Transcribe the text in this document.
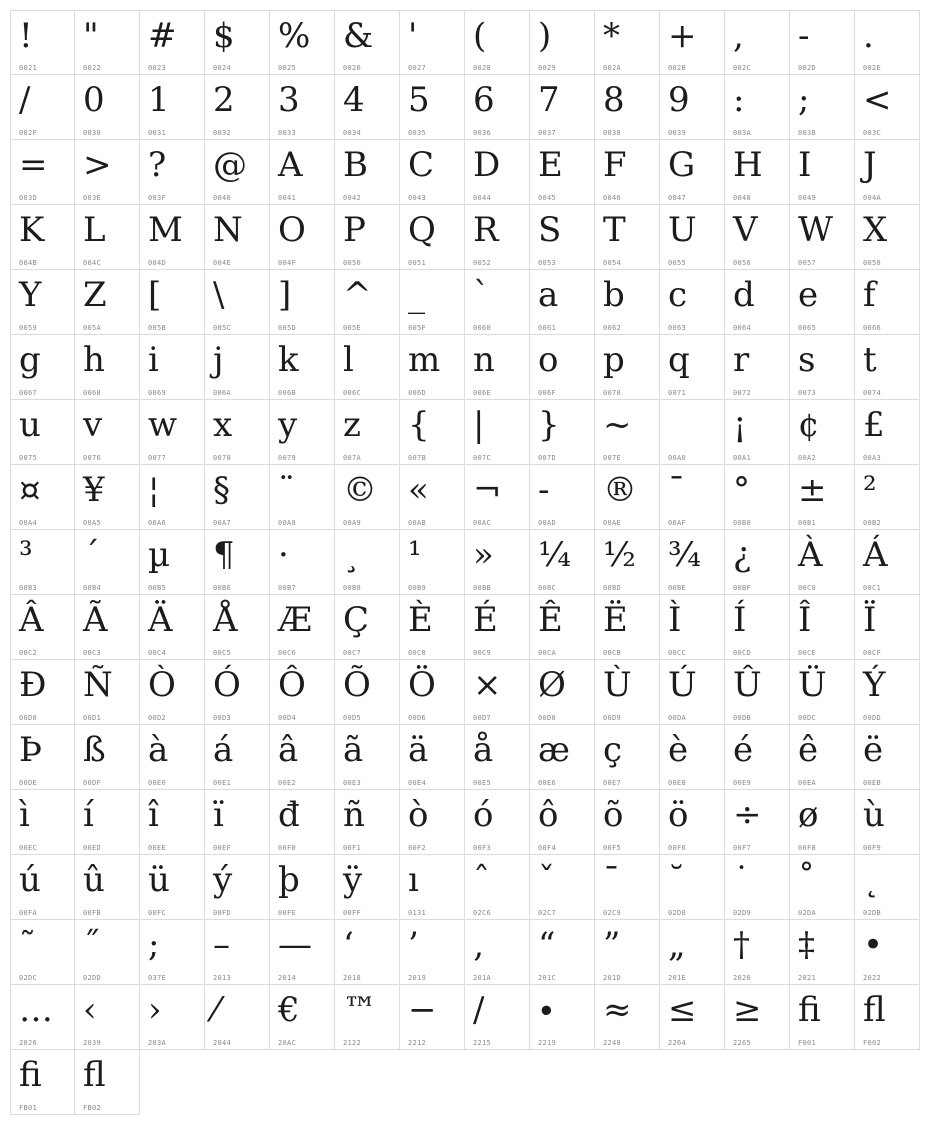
!
0021
"
0022
#
0023
$
0024
%
0025
&
0026
'
0027
(
0028
)
0029
*
002A
+
002B
,
002C
-
002D
.
002E
/
002F
0
0030
1
0031
2
0032
3
0033
4
0034
5
0035
6
0036
7
0037
8
0038
9
0039
:
003A
;
003B
<
003C
=
003D
>
003E
?
003F
@
0040
A
0041
B
0042
C
0043
D
0044
E
0045
F
0046
G
0047
H
0048
I
0049
J
004A
K
004B
L
004C
M
004D
N
004E
O
004F
P
0050
Q
0051
R
0052
S
0053
T
0054
U
0055
V
0056
W
0057
X
0058
Y
0059
Z
005A
[
005B
\
005C
]
005D
^
005E
_
005F
`
0060
a
0061
b
0062
c
0063
d
0064
e
0065
f
0066
g
0067
h
0068
i
0069
j
006A
k
006B
l
006C
m
006D
n
006E
o
006F
p
0070
q
0071
r
0072
s
0073
t
0074
u
0075
v
0076
w
0077
x
0078
y
0079
z
007A
{
007B
|
007C
}
007D
~
007E
	00A0
¡
00A1
¢
00A2
£
00A3
¤
00A4
¥
00A5
¦
00A6
§
00A7
¨
00A8
©
00A9
«
00AB
¬
00AC
-
00AD
®
00AE
¯
00AF
°
00B0
±
00B1
²
00B2
³
00B3
´
00B4
µ
00B5
¶
00B6
·
00B7
¸
00B8
¹
00B9
»
00BB
¼
00BC
½
00BD
¾
00BE
¿
00BF
À
00C0
Á
00C1
Â
00C2
Ã
00C3
Ä
00C4
Å
00C5
Æ
00C6
Ç
00C7
È
00C8
É
00C9
Ê
00CA
Ë
00CB
Ì
00CC
Í
00CD
Î
00CE
Ï
00CF
Đ
00D0
Ñ
00D1
Ò
00D2
Ó
00D3
Ô
00D4
Õ
00D5
Ö
00D6
×
00D7
Ø
00D8
Ù
00D9
Ú
00DA
Û
00DB
Ü
00DC
Ý
00DD
Þ
00DE
ß
00DF
à
00E0
á
00E1
â
00E2
ã
00E3
ä
00E4
å
00E5
æ
00E6
ç
00E7
è
00E8
é
00E9
ê
00EA
ë
00EB
ì
00EC
í
00ED
î
00EE
ï
00EF
đ
00F0
ñ
00F1
ò
00F2
ó
00F3
ô
00F4
õ
00F5
ö
00F6
÷
00F7
ø
00F8
ù
00F9
ú
00FA
û
00FB
ü
00FC
ý
00FD
þ
00FE
ÿ
00FF
ı
0131
ˆ
02C6
ˇ
02C7
ˉ
02C9
˘
02D8
˙
02D9
˚
02DA
˛
02DB
˜
02DC
˝
02DD
;
037E
–
2013
—
2014
‘
2018
’
2019
‚
201A
“
201C
”
201D
„
201E
†
2020
‡
2021
•
2022
…
2026
‹
2039
›
203A
⁄
2044
€
20AC
™
2122
−
2212
∕
2215
∙
2219
≈
2248
≤
2264
≥
2265
ﬁ
F001
ﬂ
F002
ﬁ
FB01
ﬂ
FB02
